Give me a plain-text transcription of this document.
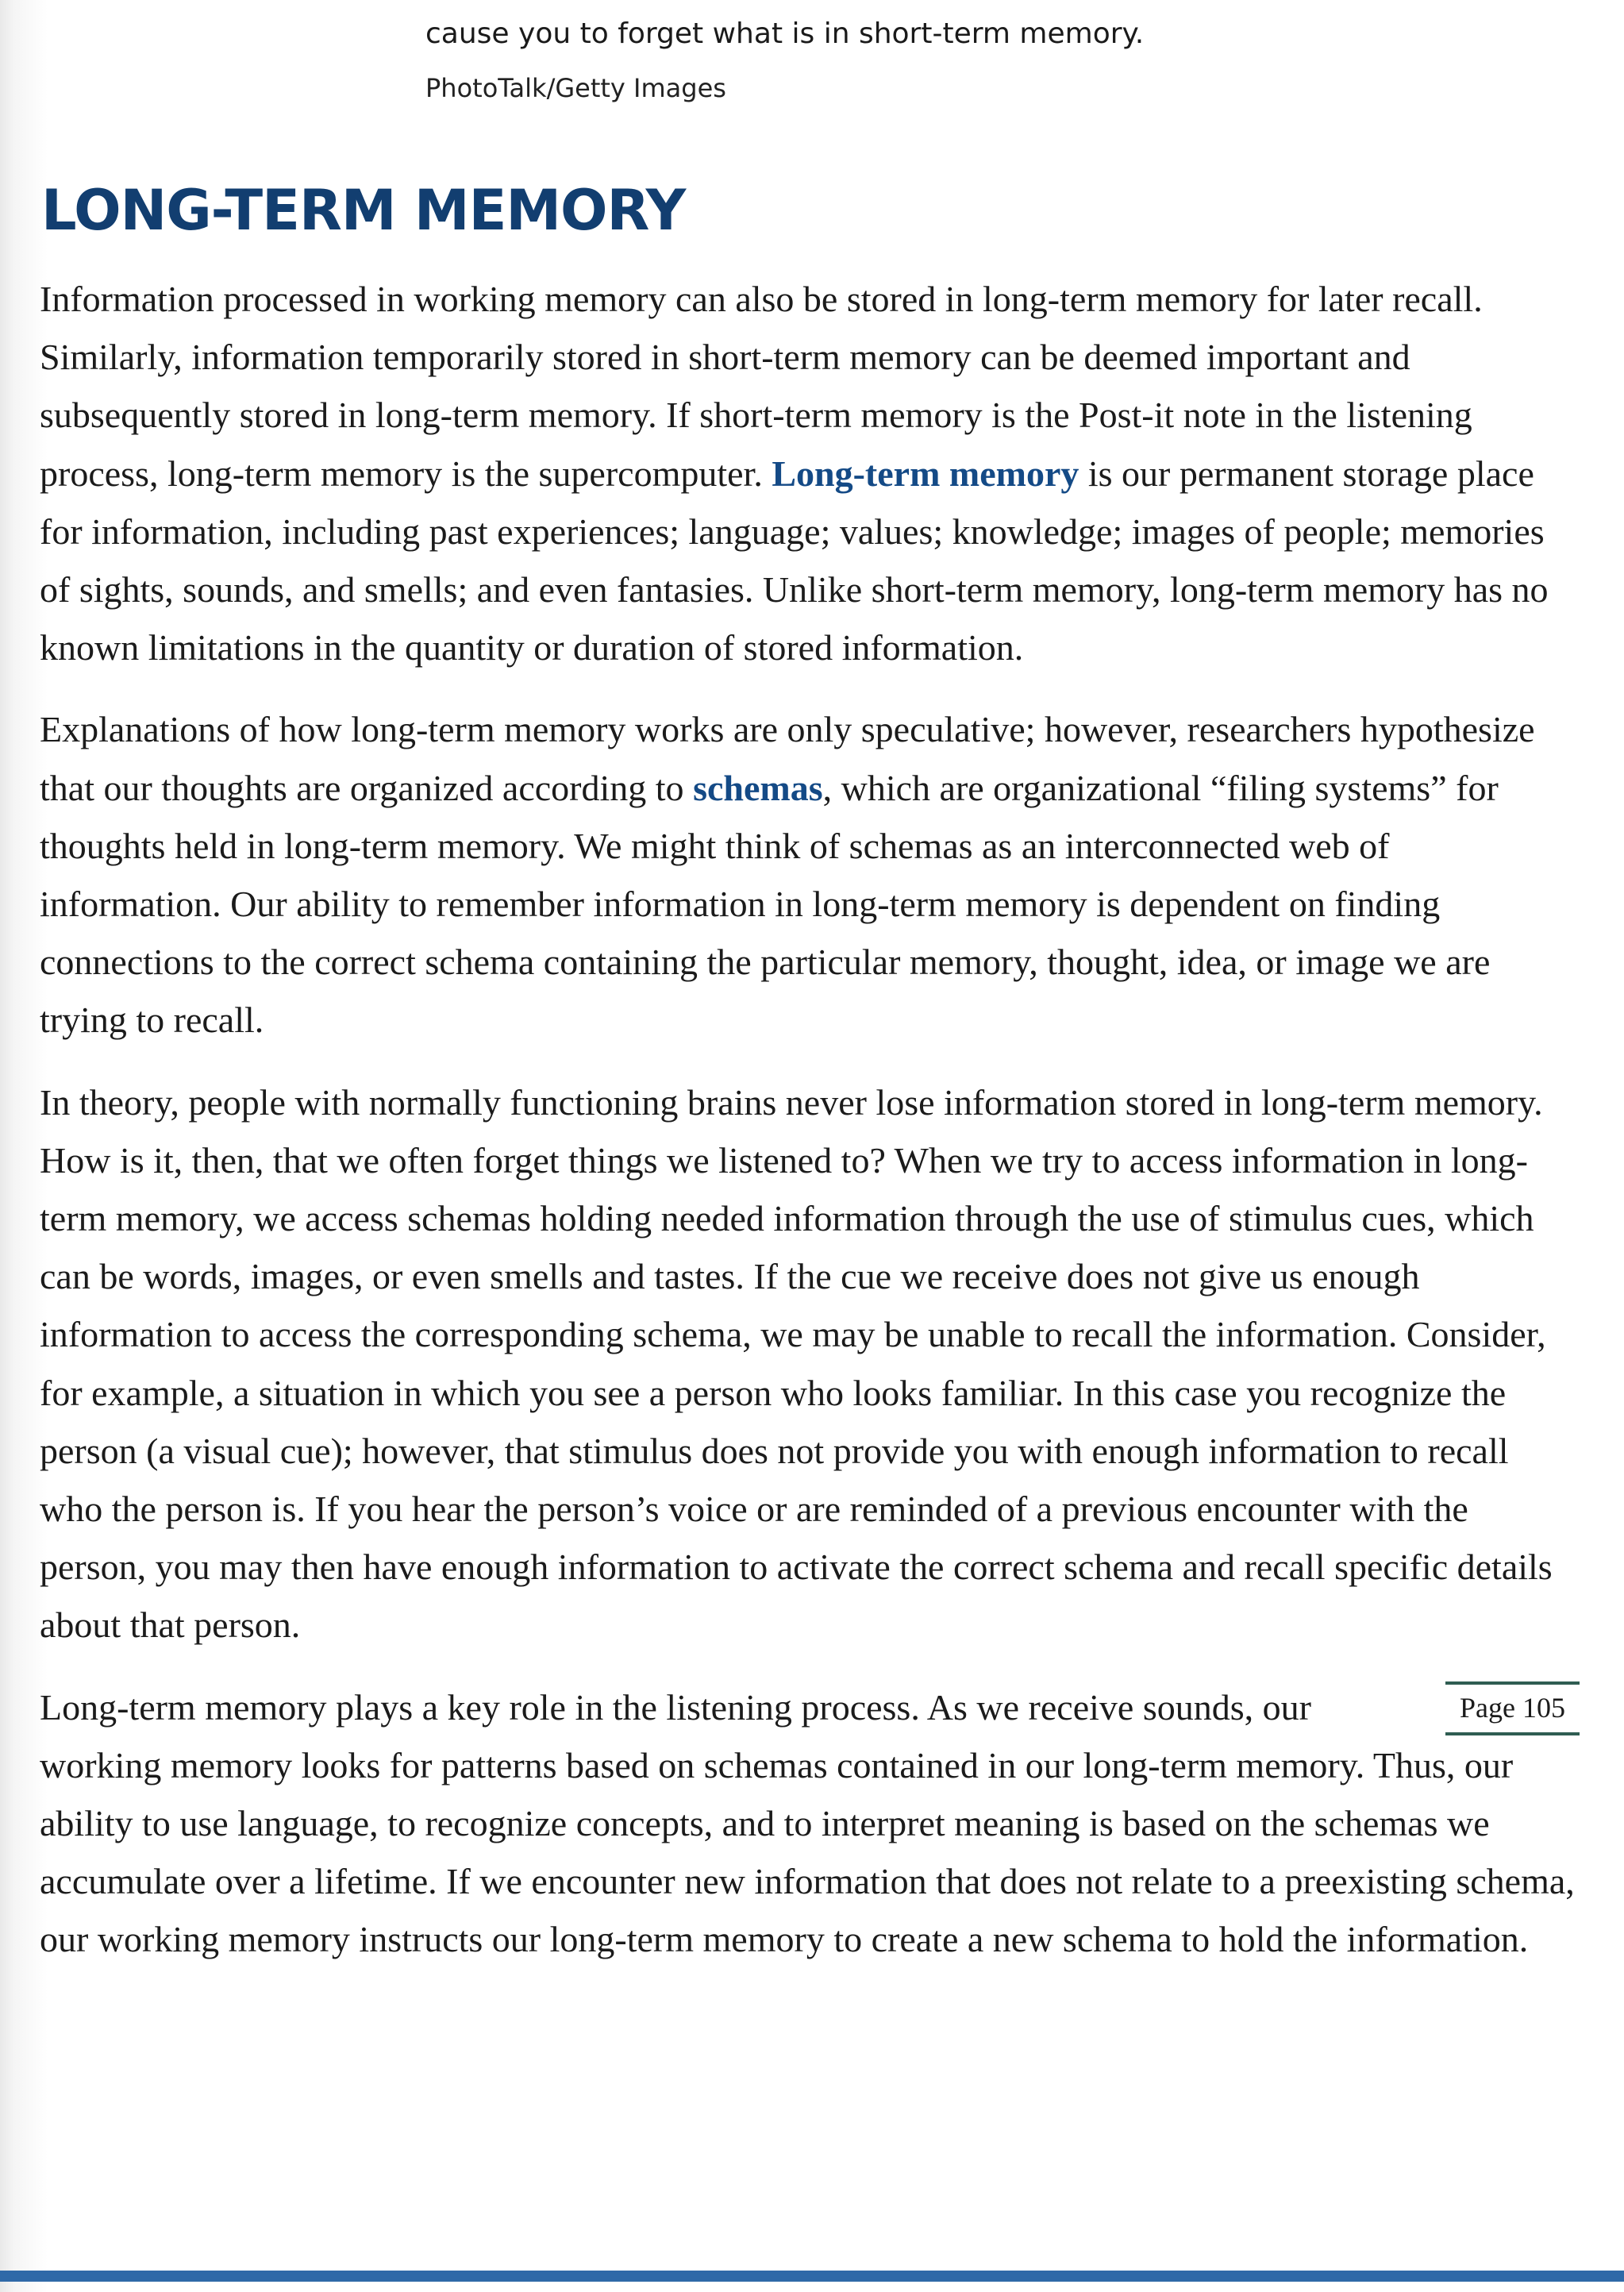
cause you to forget what is in short-term memory.

PhotoTalk/Getty Images

LONG-TERM MEMORY

Information processed in working memory can also be stored in long-term memory for later recall. Similarly, information temporarily stored in short-term memory can be deemed important and subsequently stored in long-term memory. If short-term memory is the Post-it note in the listening process, long-term memory is the supercomputer. Long-term memory is our permanent storage place for information, including past experiences; language; values; knowledge; images of people; memories of sights, sounds, and smells; and even fantasies. Unlike short-term memory, long-term memory has no known limitations in the quantity or duration of stored information.

Explanations of how long-term memory works are only speculative; however, researchers hypothesize that our thoughts are organized according to schemas, which are organizational “filing systems” for thoughts held in long-term memory. We might think of schemas as an interconnected web of information. Our ability to remember information in long-term memory is dependent on finding connections to the correct schema containing the particular memory, thought, idea, or image we are trying to recall.

In theory, people with normally functioning brains never lose information stored in long-term memory. How is it, then, that we often forget things we listened to? When we try to access information in long-term memory, we access schemas holding needed information through the use of stimulus cues, which can be words, images, or even smells and tastes. If the cue we receive does not give us enough information to access the corresponding schema, we may be unable to recall the information. Consider, for example, a situation in which you see a person who looks familiar. In this case you recognize the person (a visual cue); however, that stimulus does not provide you with enough information to recall who the person is. If you hear the person’s voice or are reminded of a previous encounter with the person, you may then have enough information to activate the correct schema and recall specific details about that person.

Page 105
Long-term memory plays a key role in the listening process. As we receive sounds, our working memory looks for patterns based on schemas contained in our long-term memory. Thus, our ability to use language, to recognize concepts, and to interpret meaning is based on the schemas we accumulate over a lifetime. If we encounter new information that does not relate to a preexisting schema, our working memory instructs our long-term memory to create a new schema to hold the information.
